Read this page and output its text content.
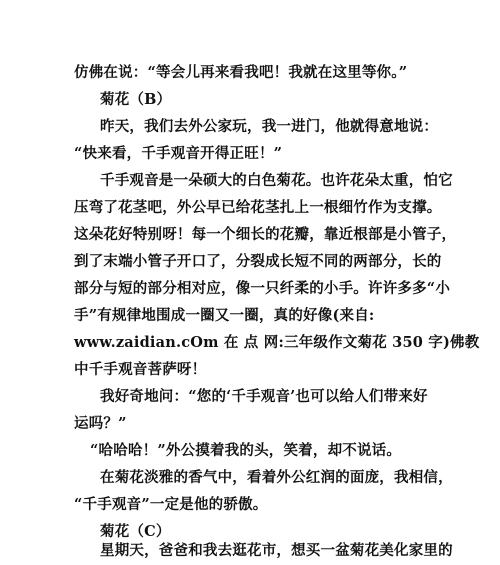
仿佛在说：“等会儿再来看我吧！我就在这里等你。”
菊花（B）
昨天，我们去外公家玩，我一进门，他就得意地说：
“快来看，千手观音开得正旺！”
千手观音是一朵硕大的白色菊花。也许花朵太重，怕它
压弯了花茎吧，外公早已给花茎扎上一根细竹作为支撑。
这朵花好特别呀！每一个细长的花瓣，靠近根部是小管子，
到了末端小管子开口了，分裂成长短不同的两部分，长的
部分与短的部分相对应，像一只纤柔的小手。许许多多“小
手”有规律地围成一圈又一圈，真的好像(来自:
www.zaidian.cOm 在 点 网:三年级作文菊花 350 字)佛教
中千手观音菩萨呀！
我好奇地问：“您的‘千手观音’也可以给人们带来好
运吗？”
“哈哈哈！”外公摸着我的头，笑着，却不说话。
在菊花淡雅的香气中，看着外公红润的面庞，我相信，
“千手观音”一定是他的骄傲。
菊花（C）
星期天，爸爸和我去逛花市，想买一盆菊花美化家里的
